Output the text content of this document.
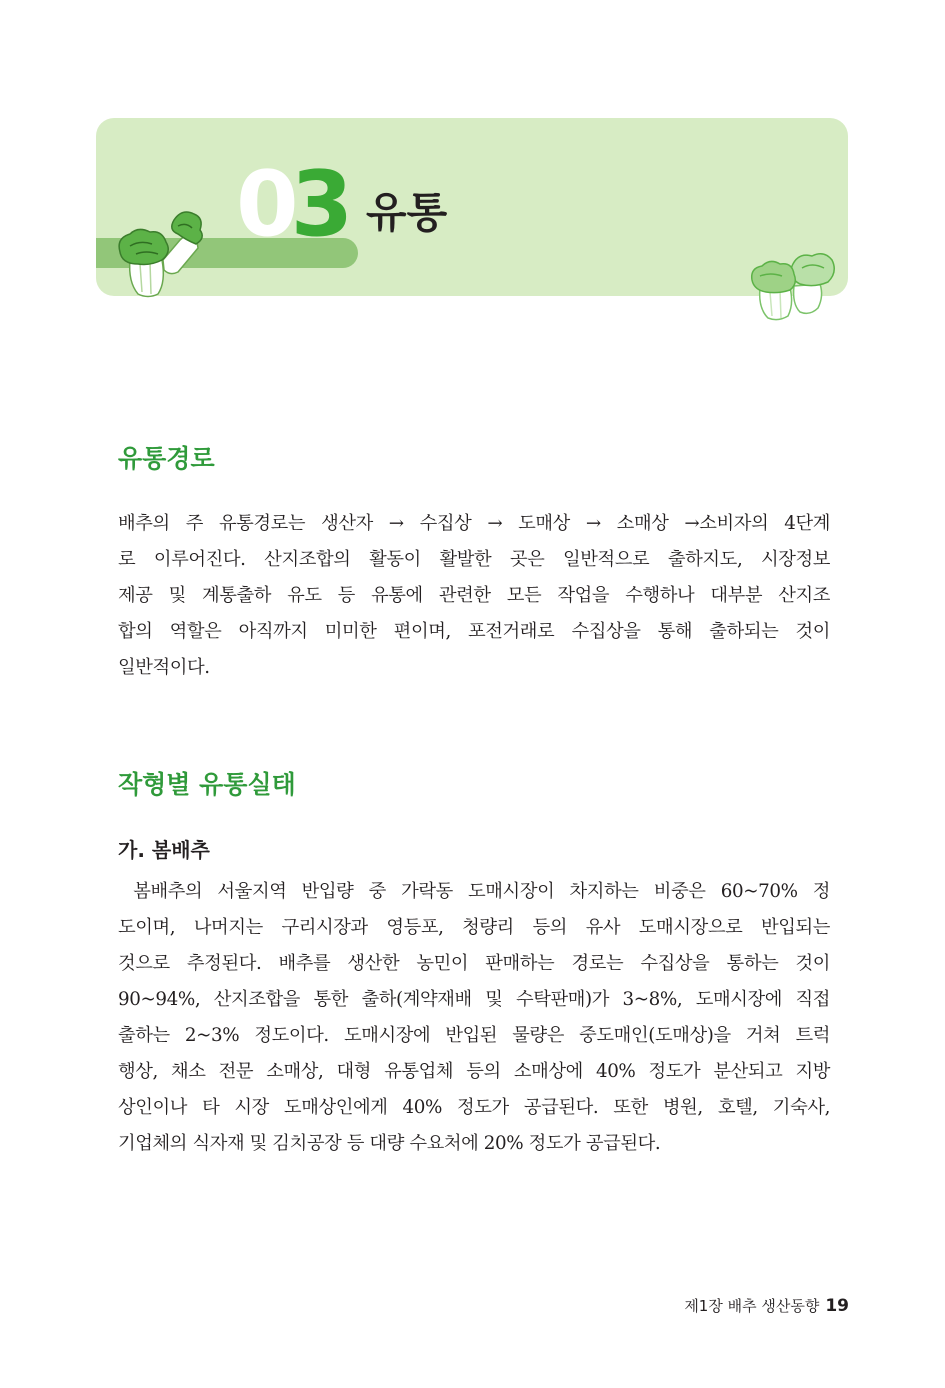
03 유통
유통경로
배추의 주 유통경로는 생산자 → 수집상 → 도매상 → 소매상 →소비자의 4단계
로 이루어진다. 산지조합의 활동이 활발한 곳은 일반적으로 출하지도, 시장정보
제공 및 계통출하 유도 등 유통에 관련한 모든 작업을 수행하나 대부분 산지조
합의 역할은 아직까지 미미한 편이며, 포전거래로 수집상을 통해 출하되는 것이
일반적이다.
작형별 유통실태
가. 봄배추
봄배추의 서울지역 반입량 중 가락동 도매시장이 차지하는 비중은 60~70% 정
도이며, 나머지는 구리시장과 영등포, 청량리 등의 유사 도매시장으로 반입되는
것으로 추정된다. 배추를 생산한 농민이 판매하는 경로는 수집상을 통하는 것이
90~94%, 산지조합을 통한 출하(계약재배 및 수탁판매)가 3~8%, 도매시장에 직접
출하는 2~3% 정도이다. 도매시장에 반입된 물량은 중도매인(도매상)을 거쳐 트럭
행상, 채소 전문 소매상, 대형 유통업체 등의 소매상에 40% 정도가 분산되고 지방
상인이나 타 시장 도매상인에게 40% 정도가 공급된다. 또한 병원, 호텔, 기숙사,
기업체의 식자재 및 김치공장 등 대량 수요처에 20% 정도가 공급된다.
제1장 배추 생산동향 19
